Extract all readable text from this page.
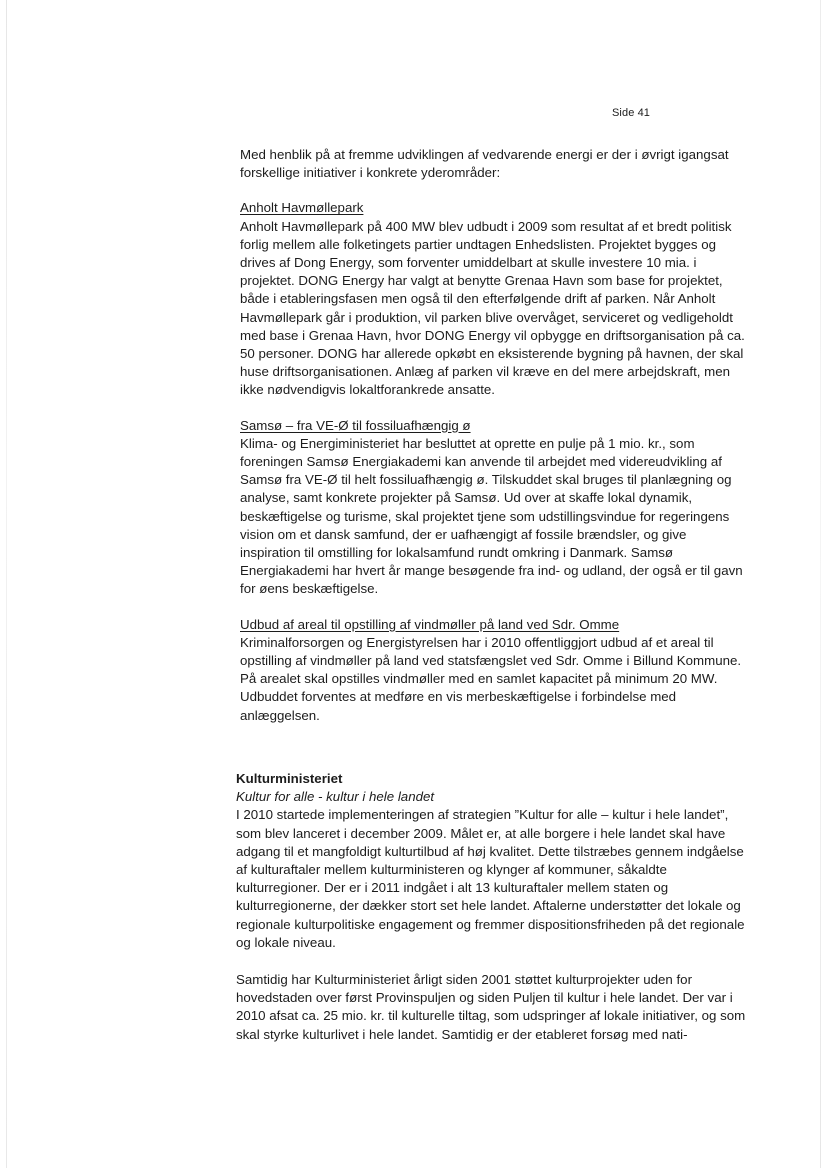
Side 41

Med henblik på at fremme udviklingen af vedvarende energi er der i øvrigt igangsat forskellige initiativer i konkrete yderområder:

Anholt Havmøllepark

Anholt Havmøllepark på 400 MW blev udbudt i 2009 som resultat af et bredt politisk forlig mellem alle folketingets partier undtagen Enhedslisten. Projektet bygges og drives af Dong Energy, som forventer umiddelbart at skulle investere 10 mia. i projektet. DONG Energy har valgt at benytte Grenaa Havn som base for projektet, både i etableringsfasen men også til den efterfølgende drift af parken. Når Anholt Havmøllepark går i produktion, vil parken blive overvåget, serviceret og vedligeholdt med base i Grenaa Havn, hvor DONG Energy vil opbygge en driftsorganisation på ca. 50 personer. DONG har allerede opkøbt en eksisterende bygning på havnen, der skal huse driftsorganisationen. Anlæg af parken vil kræve en del mere arbejdskraft, men ikke nødvendigvis lokaltforankrede ansatte.

Samsø – fra VE-Ø til fossiluafhængig ø

Klima- og Energiministeriet har besluttet at oprette en pulje på 1 mio. kr., som foreningen Samsø Energiakademi kan anvende til arbejdet med videreudvikling af Samsø fra VE-Ø til helt fossiluafhængig ø. Tilskuddet skal bruges til planlægning og analyse, samt konkrete projekter på Samsø. Ud over at skaffe lokal dynamik, beskæftigelse og turisme, skal projektet tjene som udstillingsvindue for regeringens vision om et dansk samfund, der er uafhængigt af fossile brændsler, og give inspiration til omstilling for lokalsamfund rundt omkring i Danmark. Samsø Energiakademi har hvert år mange besøgende fra ind- og udland, der også er til gavn for øens beskæftigelse.

Udbud af areal til opstilling af vindmøller på land ved Sdr. Omme

Kriminalforsorgen og Energistyrelsen har i 2010 offentliggjort udbud af et areal til opstilling af vindmøller på land ved statsfængslet ved Sdr. Omme i Billund Kommune. På arealet skal opstilles vindmøller med en samlet kapacitet på minimum 20 MW. Udbuddet forventes at medføre en vis merbeskæftigelse i forbindelse med anlæggelsen.

Kulturministeriet
Kultur for alle - kultur i hele landet

I 2010 startede implementeringen af strategien ”Kultur for alle – kultur i hele landet”, som blev lanceret i december 2009. Målet er, at alle borgere i hele landet skal have adgang til et mangfoldigt kulturtilbud af høj kvalitet. Dette tilstræbes gennem indgåelse af kulturaftaler mellem kulturministeren og klynger af kommuner, såkaldte kulturregioner. Der er i 2011 indgået i alt 13 kulturaftaler mellem staten og kulturregionerne, der dækker stort set hele landet. Aftalerne understøtter det lokale og regionale kulturpolitiske engagement og fremmer dispositionsfriheden på det regionale og lokale niveau.

Samtidig har Kulturministeriet årligt siden 2001 støttet kulturprojekter uden for hovedstaden over først Provinspuljen og siden Puljen til kultur i hele landet. Der var i 2010 afsat ca. 25 mio. kr. til kulturelle tiltag, som udspringer af lokale initiativer, og som skal styrke kulturlivet i hele landet. Samtidig er der etableret forsøg med nati-
